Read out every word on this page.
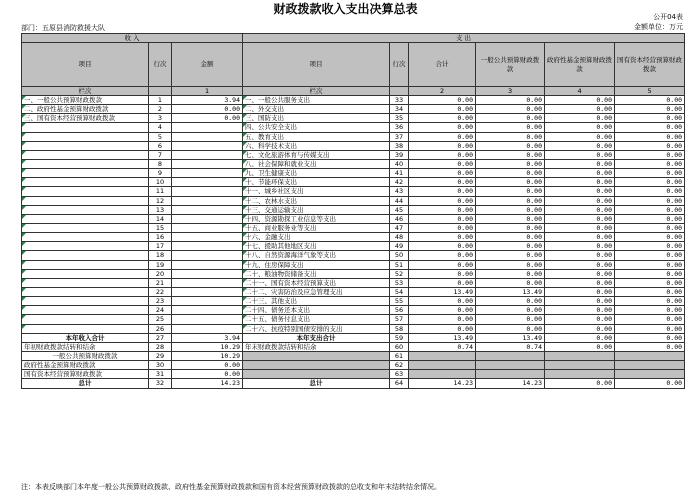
财政拨款收入支出决算总表
公开04表
金额单位：万元
部门：五原县消防救援大队
收 入			支 出					
项目	行次	金额	项目	行次	合计	一般公共预算财政拨款	政府性基金预算财政拨款	国有资本经营预算财政拨款
栏次		1	栏次		2	3	4	5
一、一般公共预算财政拨款	1	3.94	一、一般公共服务支出	33	0.00	0.00	0.00	0.00
二、政府性基金预算财政拨款	2	0.00	二、外交支出	34	0.00	0.00	0.00	0.00
三、国有资本经营预算财政拨款	3	0.00	三、国防支出	35	0.00	0.00	0.00	0.00
	4		四、公共安全支出	36	0.00	0.00	0.00	0.00
	5		五、教育支出	37	0.00	0.00	0.00	0.00
	6		六、科学技术支出	38	0.00	0.00	0.00	0.00
	7		七、文化旅游体育与传媒支出	39	0.00	0.00	0.00	0.00
	8		八、社会保障和就业支出	40	0.00	0.00	0.00	0.00
	9		九、卫生健康支出	41	0.00	0.00	0.00	0.00
	10		十、节能环保支出	42	0.00	0.00	0.00	0.00
	11		十一、城乡社区支出	43	0.00	0.00	0.00	0.00
	12		十二、农林水支出	44	0.00	0.00	0.00	0.00
	13		十三、交通运输支出	45	0.00	0.00	0.00	0.00
	14		十四、资源勘探工业信息等支出	46	0.00	0.00	0.00	0.00
	15		十五、商业服务业等支出	47	0.00	0.00	0.00	0.00
	16		十六、金融支出	48	0.00	0.00	0.00	0.00
	17		十七、援助其他地区支出	49	0.00	0.00	0.00	0.00
	18		十八、自然资源海洋气象等支出	50	0.00	0.00	0.00	0.00
	19		十九、住房保障支出	51	0.00	0.00	0.00	0.00
	20		二十、粮油物资储备支出	52	0.00	0.00	0.00	0.00
	21		二十一、国有资本经营预算支出	53	0.00	0.00	0.00	0.00
	22		二十二、灾害防治及应急管理支出	54	13.49	13.49	0.00	0.00
	23		二十三、其他支出	55	0.00	0.00	0.00	0.00
	24		二十四、债务还本支出	56	0.00	0.00	0.00	0.00
	25		二十五、债务付息支出	57	0.00	0.00	0.00	0.00
	26		二十六、抗疫特别国债安排的支出	58	0.00	0.00	0.00	0.00
本年收入合计	27	3.94	本年支出合计	59	13.49	13.49	0.00	0.00
年初财政拨款结转和结余	28	10.29	年末财政拨款结转和结余	60	0.74	0.74	0.00	0.00
一般公共预算财政拨款	29	10.29		61				
政府性基金预算财政拨款	30	0.00		62				
国有资本经营预算财政拨款	31	0.00		63				
总计	32	14.23	总计	64	14.23	14.23	0.00	0.00
注：本表反映部门本年度一般公共预算财政拨款、政府性基金预算财政拨款和国有资本经营预算财政拨款的总收支和年末结转结余情况。
